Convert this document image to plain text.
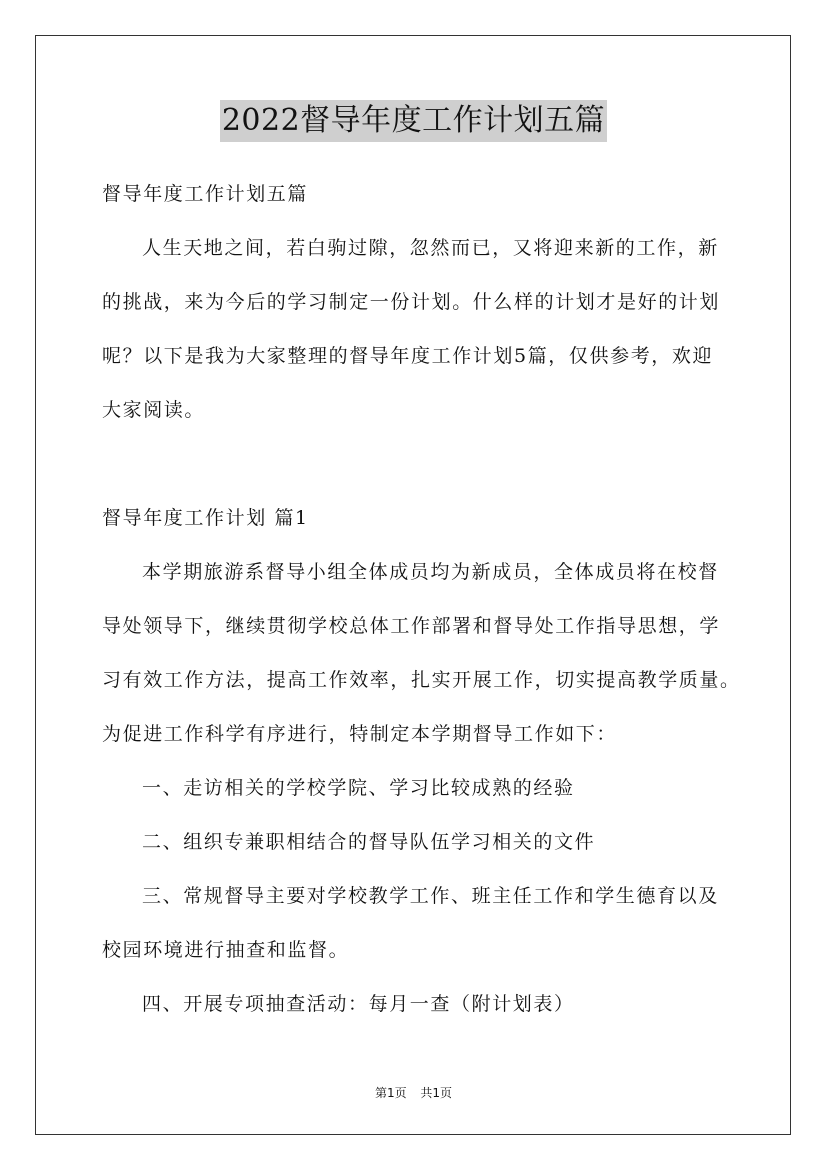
2022督导年度工作计划五篇
督导年度工作计划五篇
人生天地之间，若白驹过隙，忽然而已，又将迎来新的工作，新
的挑战，来为今后的学习制定一份计划。什么样的计划才是好的计划
呢？以下是我为大家整理的督导年度工作计划5篇，仅供参考，欢迎
大家阅读。
督导年度工作计划 篇1
本学期旅游系督导小组全体成员均为新成员，全体成员将在校督
导处领导下，继续贯彻学校总体工作部署和督导处工作指导思想，学
习有效工作方法，提高工作效率，扎实开展工作，切实提高教学质量。
为促进工作科学有序进行，特制定本学期督导工作如下：
一、走访相关的学校学院、学习比较成熟的经验
二、组织专兼职相结合的督导队伍学习相关的文件
三、常规督导主要对学校教学工作、班主任工作和学生德育以及
校园环境进行抽查和监督。
四、开展专项抽查活动：每月一查（附计划表）
第1页 共1页
